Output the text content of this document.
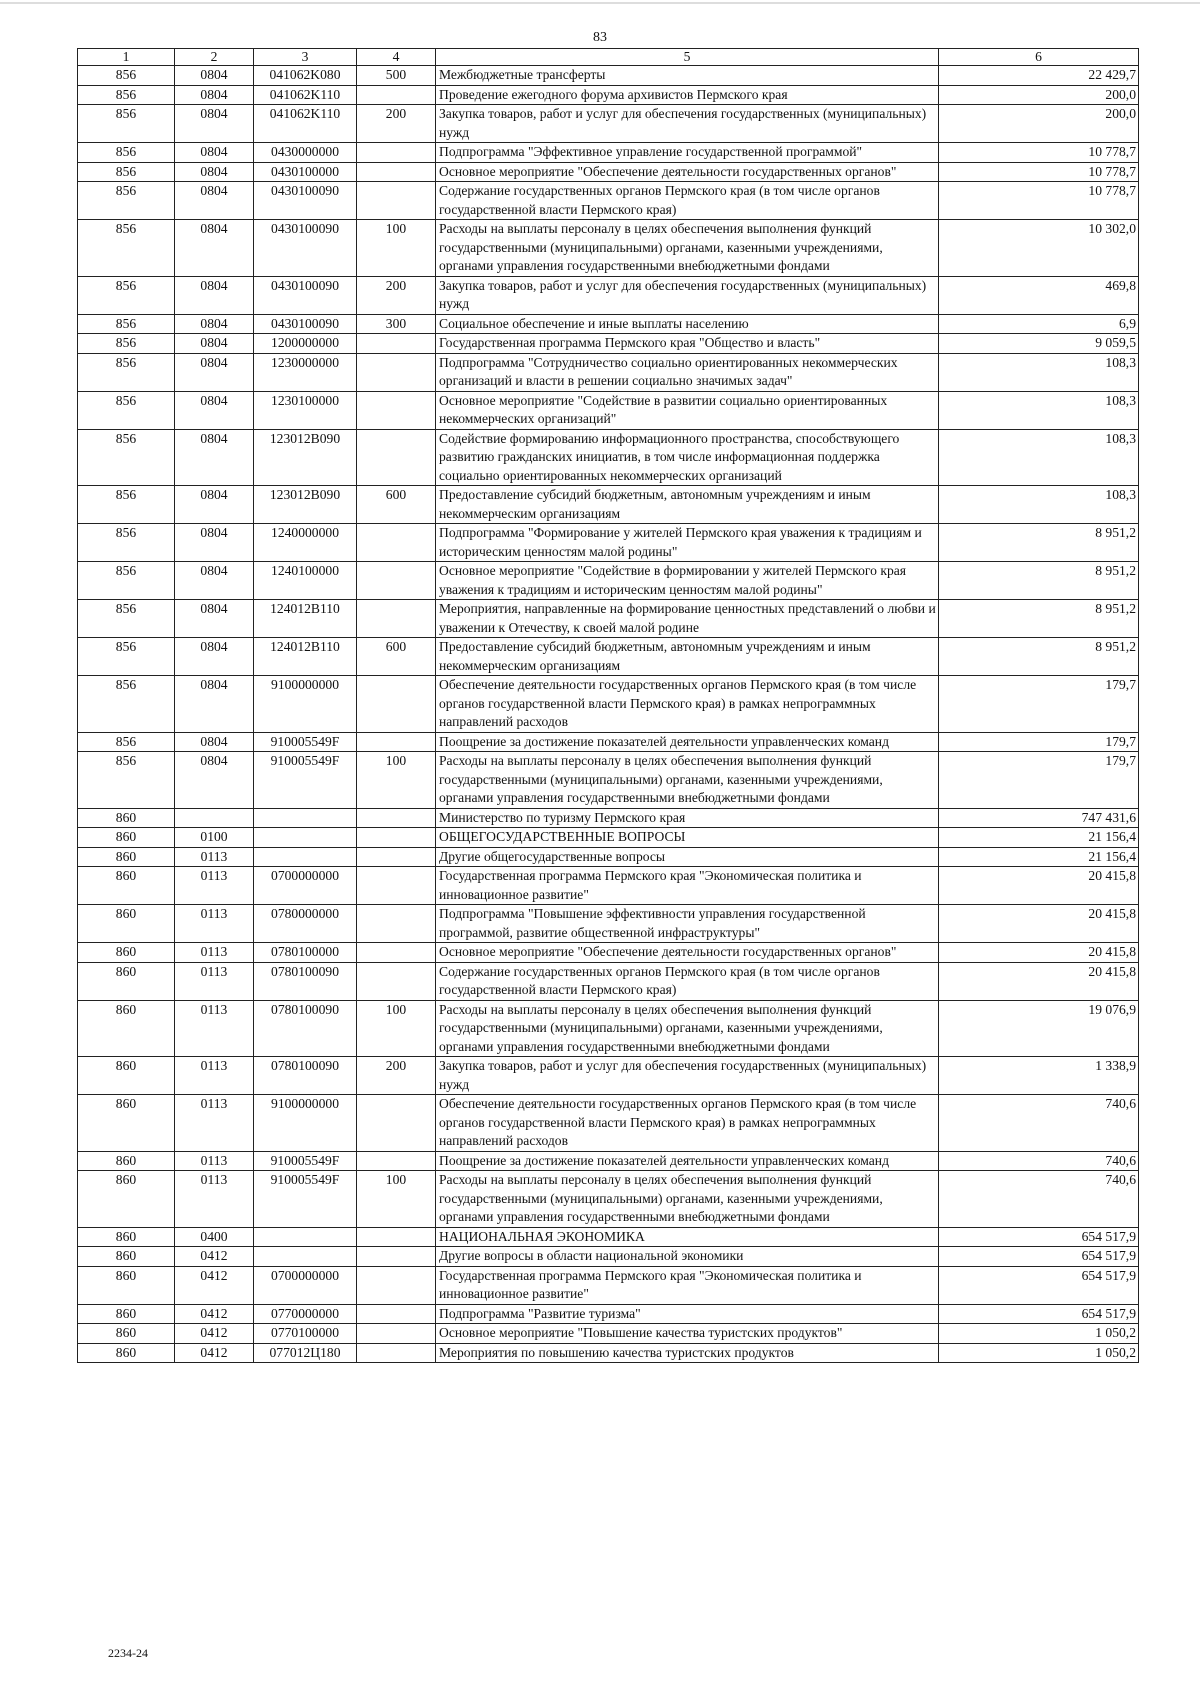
83
1	2	3	4	5	6
856	0804	041062K080	500	Межбюджетные трансферты	22 429,7
856	0804	041062K110		Проведение ежегодного форума архивистов Пермского края	200,0
856	0804	041062K110	200	Закупка товаров, работ и услуг для обеспечения государственных (муниципальных) нужд	200,0
856	0804	0430000000		Подпрограмма "Эффективное управление государственной программой"	10 778,7
856	0804	0430100000		Основное мероприятие "Обеспечение деятельности государственных органов"	10 778,7
856	0804	0430100090		Содержание государственных органов Пермского края (в том числе органов государственной власти Пермского края)	10 778,7
856	0804	0430100090	100	Расходы на выплаты персоналу в целях обеспечения выполнения функций государственными (муниципальными) органами, казенными учреждениями, органами управления государственными внебюджетными фондами	10 302,0
856	0804	0430100090	200	Закупка товаров, работ и услуг для обеспечения государственных (муниципальных) нужд	469,8
856	0804	0430100090	300	Социальное обеспечение и иные выплаты населению	6,9
856	0804	1200000000		Государственная программа Пермского края "Общество и власть"	9 059,5
856	0804	1230000000		Подпрограмма "Сотрудничество социально ориентированных некоммерческих организаций и власти в решении социально значимых задач"	108,3
856	0804	1230100000		Основное мероприятие "Содействие в развитии социально ориентированных некоммерческих организаций"	108,3
856	0804	123012B090		Содействие формированию информационного пространства, способствующего развитию гражданских инициатив, в том числе информационная поддержка социально ориентированных некоммерческих организаций	108,3
856	0804	123012B090	600	Предоставление субсидий бюджетным, автономным учреждениям и иным некоммерческим организациям	108,3
856	0804	1240000000		Подпрограмма "Формирование у жителей Пермского края уважения к традициям и историческим ценностям малой родины"	8 951,2
856	0804	1240100000		Основное мероприятие "Содействие в формировании у жителей Пермского края уважения к традициям и историческим ценностям малой родины"	8 951,2
856	0804	124012B110		Мероприятия, направленные на формирование ценностных представлений о любви и уважении к Отечеству, к своей малой родине	8 951,2
856	0804	124012B110	600	Предоставление субсидий бюджетным, автономным учреждениям и иным некоммерческим организациям	8 951,2
856	0804	9100000000		Обеспечение деятельности государственных органов Пермского края (в том числе органов государственной власти Пермского края) в рамках непрограммных направлений расходов	179,7
856	0804	910005549F		Поощрение за достижение показателей деятельности управленческих команд	179,7
856	0804	910005549F	100	Расходы на выплаты персоналу в целях обеспечения выполнения функций государственными (муниципальными) органами, казенными учреждениями, органами управления государственными внебюджетными фондами	179,7
860				Министерство по туризму Пермского края	747 431,6
860	0100			ОБЩЕГОСУДАРСТВЕННЫЕ ВОПРОСЫ	21 156,4
860	0113			Другие общегосударственные вопросы	21 156,4
860	0113	0700000000		Государственная программа Пермского края "Экономическая политика и инновационное развитие"	20 415,8
860	0113	0780000000		Подпрограмма "Повышение эффективности управления государственной программой, развитие общественной инфраструктуры"	20 415,8
860	0113	0780100000		Основное мероприятие "Обеспечение деятельности государственных органов"	20 415,8
860	0113	0780100090		Содержание государственных органов Пермского края (в том числе органов государственной власти Пермского края)	20 415,8
860	0113	0780100090	100	Расходы на выплаты персоналу в целях обеспечения выполнения функций государственными (муниципальными) органами, казенными учреждениями, органами управления государственными внебюджетными фондами	19 076,9
860	0113	0780100090	200	Закупка товаров, работ и услуг для обеспечения государственных (муниципальных) нужд	1 338,9
860	0113	9100000000		Обеспечение деятельности государственных органов Пермского края (в том числе органов государственной власти Пермского края) в рамках непрограммных направлений расходов	740,6
860	0113	910005549F		Поощрение за достижение показателей деятельности управленческих команд	740,6
860	0113	910005549F	100	Расходы на выплаты персоналу в целях обеспечения выполнения функций государственными (муниципальными) органами, казенными учреждениями, органами управления государственными внебюджетными фондами	740,6
860	0400			НАЦИОНАЛЬНАЯ ЭКОНОМИКА	654 517,9
860	0412			Другие вопросы в области национальной экономики	654 517,9
860	0412	0700000000		Государственная программа Пермского края "Экономическая политика и инновационное развитие"	654 517,9
860	0412	0770000000		Подпрограмма "Развитие туризма"	654 517,9
860	0412	0770100000		Основное мероприятие "Повышение качества туристских продуктов"	1 050,2
860	0412	077012Ц180		Мероприятия по повышению качества туристских продуктов	1 050,2
2234-24
